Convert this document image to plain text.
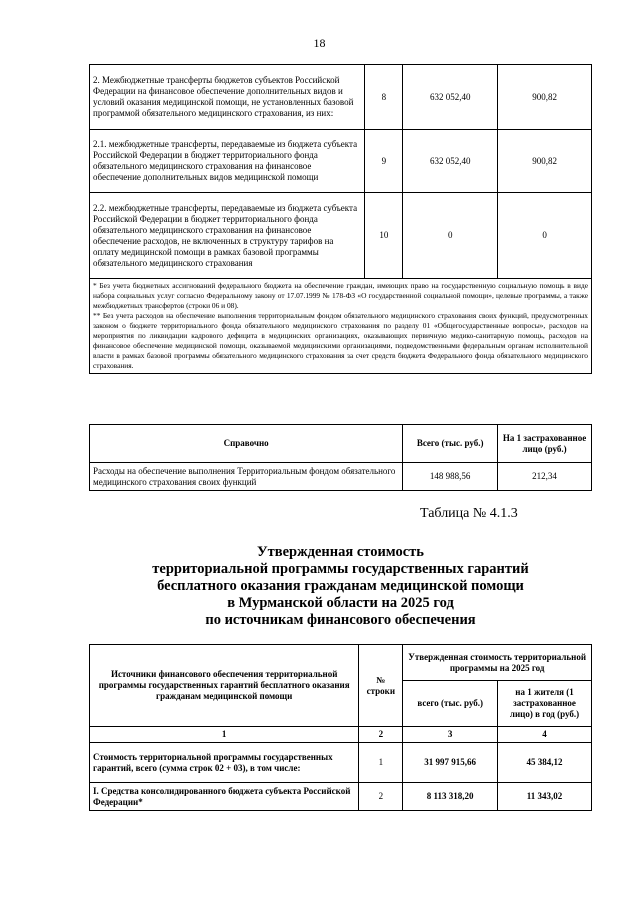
18
2. Межбюджетные трансферты бюджетов субъектов Российской Федерации на финансовое обеспечение дополнительных видов и условий оказания медицинской помощи, не установленных базовой программой обязательного медицинского страхования, из них:	8	632 052,40	900,82
2.1. межбюджетные трансферты, передаваемые из бюджета субъекта Российской Федерации в бюджет территориального фонда обязательного медицинского страхования на финансовое обеспечение дополнительных видов медицинской помощи	9	632 052,40	900,82
2.2. межбюджетные трансферты, передаваемые из бюджета субъекта Российской Федерации в бюджет территориального фонда обязательного медицинского страхования на финансовое обеспечение расходов, не включенных в структуру тарифов на оплату медицинской помощи в рамках базовой программы обязательного медицинского страхования	10	0	0

* Без учета бюджетных ассигнований федерального бюджета на обеспечение граждан, имеющих право на государственную социальную помощь в виде набора социальных услуг согласно Федеральному закону от 17.07.1999 № 178-ФЗ «О государственной социальной помощи», целевые программы, а также межбюджетных трансфертов (строки 06 и 08).
** Без учета расходов на обеспечение выполнения территориальным фондом обязательного медицинского страхования своих функций, предусмотренных законом о бюджете территориального фонда обязательного медицинского страхования по разделу 01 «Общегосударственные вопросы», расходов на мероприятия по ликвидации кадрового дефицита в медицинских организациях, оказывающих первичную медико-санитарную помощь, расходов на финансовое обеспечение медицинской помощи, оказываемой медицинскими организациями, подведомственными федеральным органам исполнительной власти в рамках базовой программы обязательного медицинского страхования за счет средств бюджета Федерального фонда обязательного медицинского страхования.			
Справочно	Всего (тыс. руб.)	На 1 застрахованное лицо (руб.)
Расходы на обеспечение выполнения Территориальным фондом обязательного медицинского страхования своих функций	148 988,56	212,34
Таблица № 4.1.3
Утвержденная стоимость
территориальной программы государственных гарантий
бесплатного оказания гражданам медицинской помощи
в Мурманской области на 2025 год
по источникам финансового обеспечения
Источники финансового обеспечения территориальной программы государственных гарантий бесплатного оказания гражданам медицинской помощи	№ строки	Утвержденная стоимость территориальной программы на 2025 год	
		всего (тыс. руб.)	на 1 жителя (1 застрахованное лицо) в год (руб.)
1	2	3	4
Стоимость территориальной программы государственных гарантий, всего (сумма строк 02 + 03), в том числе:	1	31 997 915,66	45 384,12
I. Средства консолидированного бюджета субъекта Российской Федерации*	2	8 113 318,20	11 343,02
